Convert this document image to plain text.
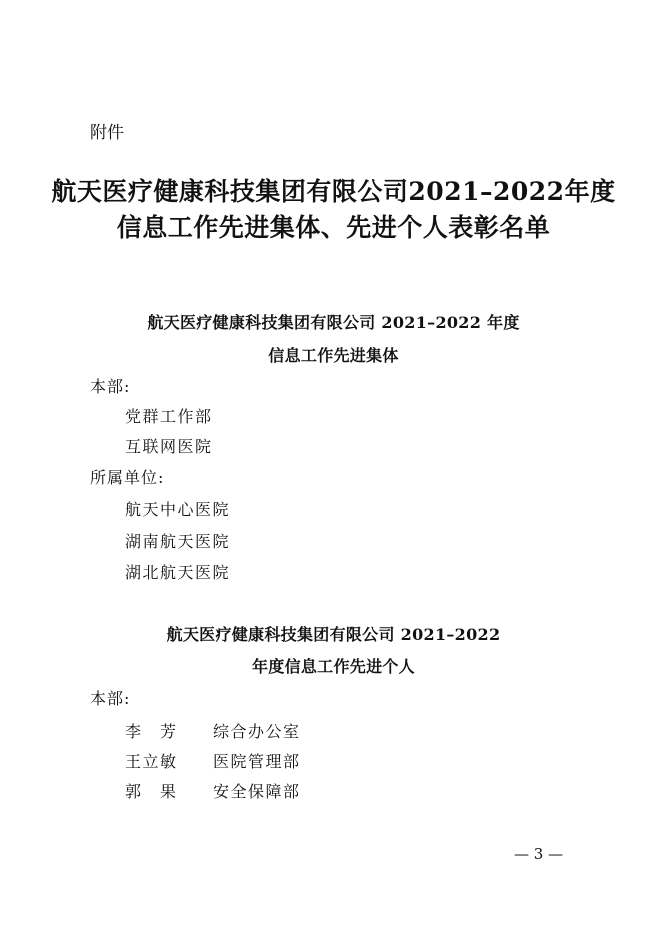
附件
航天医疗健康科技集团有限公司2021–2022年度
信息工作先进集体、先进个人表彰名单
航天医疗健康科技集团有限公司 2021–2022 年度
信息工作先进集体
本部:
党群工作部
互联网医院
所属单位:
航天中心医院
湖南航天医院
湖北航天医院
航天医疗健康科技集团有限公司 2021–2022
年度信息工作先进个人
本部:
李　芳 综合办公室
王立敏 医院管理部
郭　果 安全保障部
— 3 —
